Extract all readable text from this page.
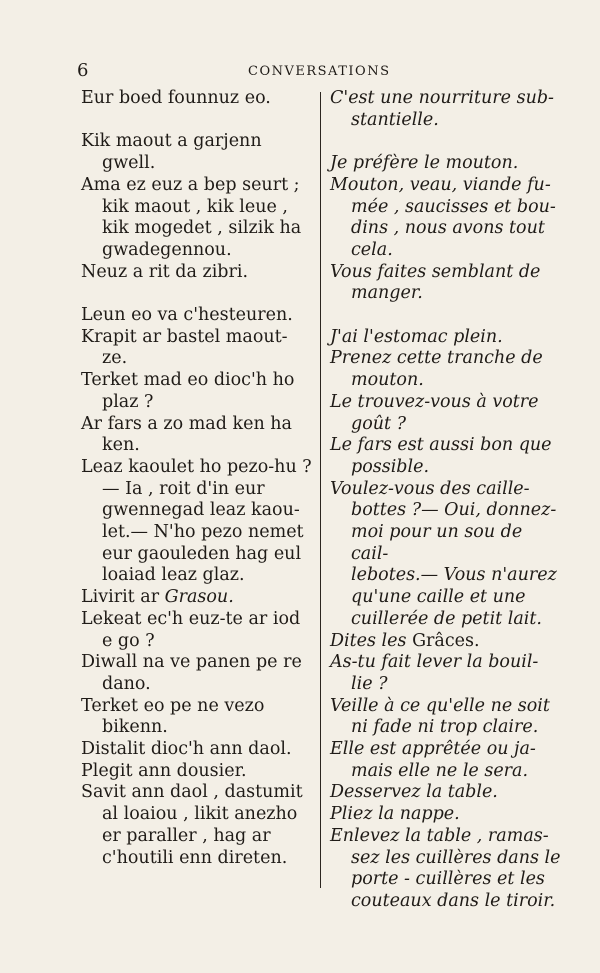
6	CONVERSATIONS
Eur boed founnuz eo.
Kik maout a garjenn
gwell.
Ama ez euz a bep seurt ;
kik maout , kik leue ,
kik mogedet , silzik ha
gwadegennou.
Neuz a rit da zibri.
Leun eo va c'hesteuren.
Krapit ar bastel maout-
ze.
Terket mad eo dioc'h ho
plaz ?
Ar fars a zo mad ken ha
ken.
Leaz kaoulet ho pezo-hu ?
— Ia , roit d'in eur
gwennegad leaz kaou-
let.— N'ho pezo nemet
eur gaouleden hag eul
loaiad leaz glaz.
Livirit ar Grasou.
Lekeat ec'h euz-te ar iod
e go ?
Diwall na ve panen pe re
dano.
Terket eo pe ne vezo
bikenn.
Distalit dioc'h ann daol.
Plegit ann dousier.
Savit ann daol , dastumit
al loaiou , likit anezho
er paraller , hag ar
c'houtili enn direten.
C'est une nourriture sub-
stantielle.
Je préfère le mouton.
Mouton, veau, viande fu-
mée , saucisses et bou-
dins , nous avons tout
cela.
Vous faites semblant de
manger.
J'ai l'estomac plein.
Prenez cette tranche de
mouton.
Le trouvez-vous à votre
goût ?
Le fars est aussi bon que
possible.
Voulez-vous des caille-
bottes ?— Oui, donnez-
moi pour un sou de cail-
lebotes.— Vous n'aurez
qu'une caille et une
cuillerée de petit lait.
Dites les Grâces.
As-tu fait lever la bouil-
lie ?
Veille à ce qu'elle ne soit
ni fade ni trop claire.
Elle est apprêtée ou ja-
mais elle ne le sera.
Desservez la table.
Pliez la nappe.
Enlevez la table , ramas-
sez les cuillères dans le
porte - cuillères et les
couteaux dans le tiroir.
